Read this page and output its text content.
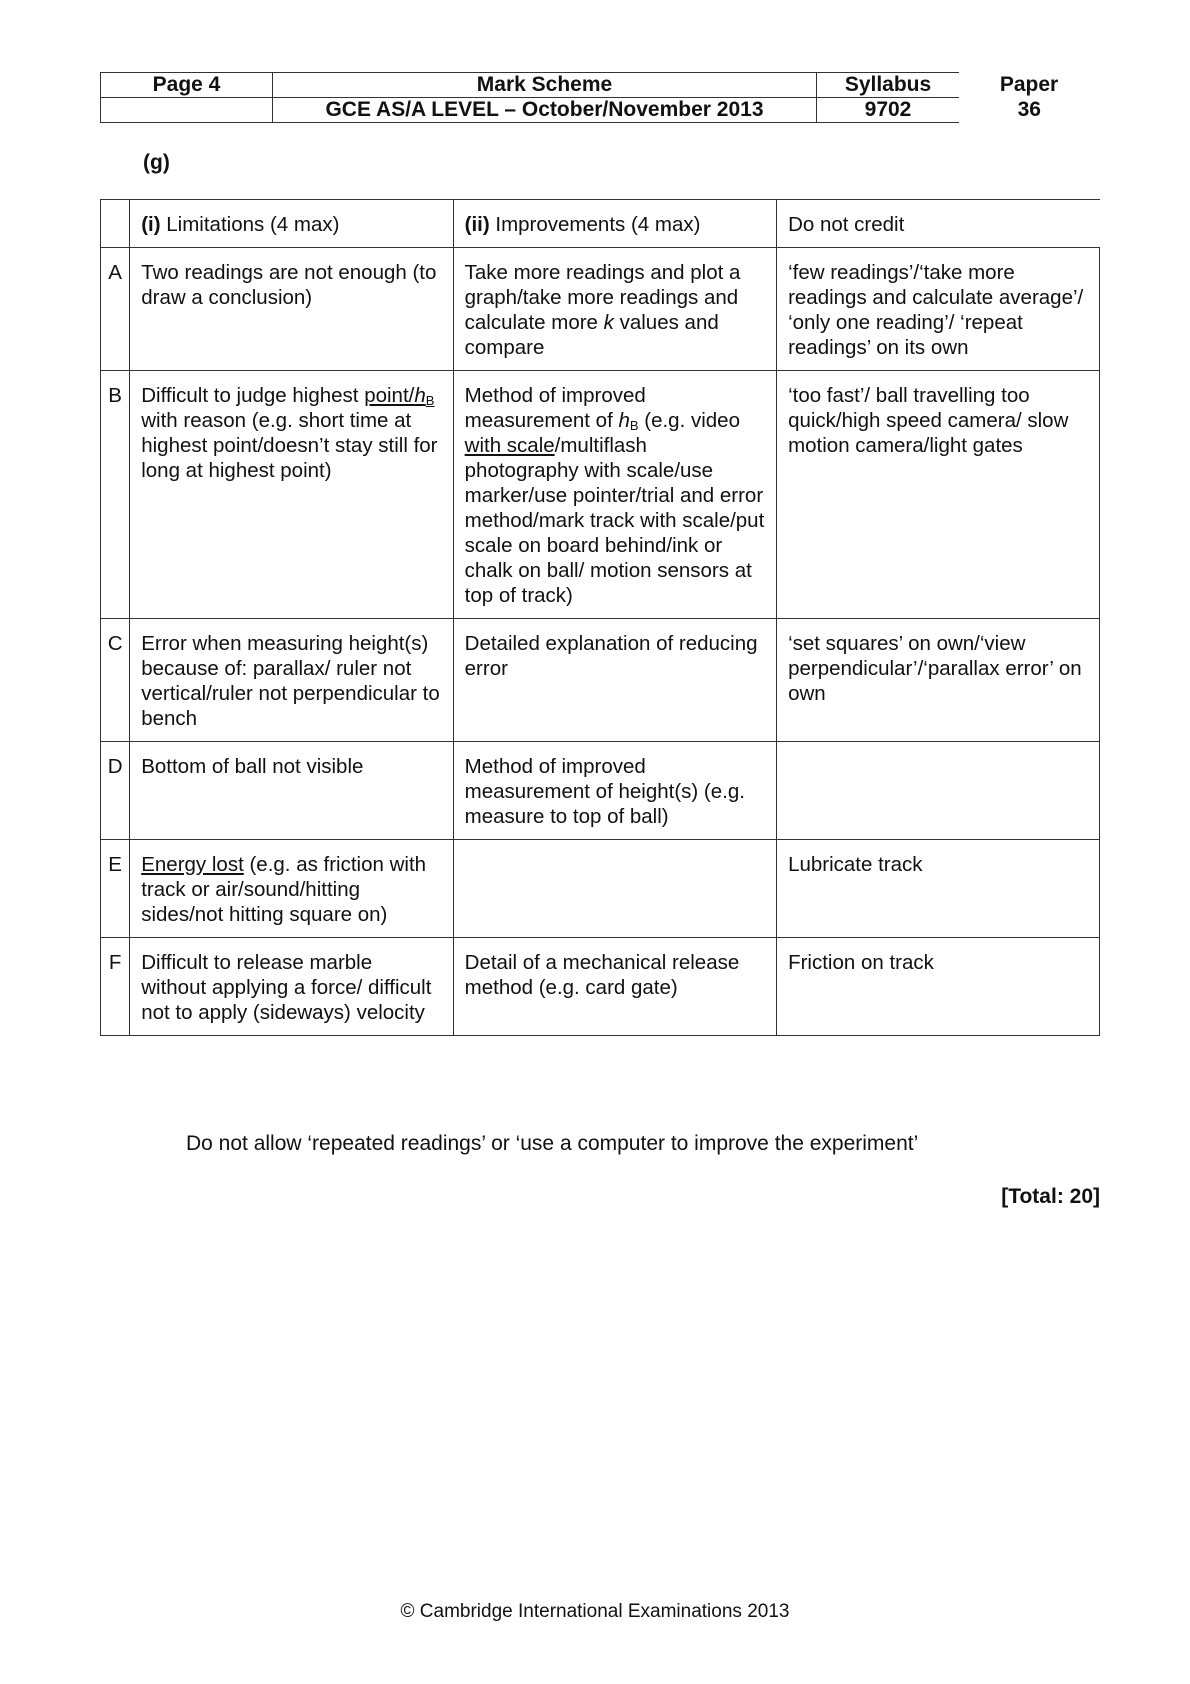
Page 4	Mark Scheme	Syllabus	Paper
	GCE AS/A LEVEL – October/November 2013	9702	36
(g)
	(i) Limitations (4 max)	(ii) Improvements (4 max)	Do not credit
A	Two readings are not enough (to draw a conclusion)	Take more readings and plot a graph/take more readings and calculate more k values and compare	‘few readings’/‘take more readings and calculate average’/ ‘only one reading’/ ‘repeat readings’ on its own
B	Difficult to judge highest point/$h_B$ with reason (e.g. short time at highest point/doesn’t stay still for long at highest point)	Method of improved measurement of $h_B$ (e.g. video with scale/multiflash photography with scale/use marker/use pointer/trial and error method/mark track with scale/put scale on board behind/ink or chalk on ball/ motion sensors at top of track)	‘too fast’/ ball travelling too quick/high speed camera/ slow motion camera/light gates
C	Error when measuring height(s) because of: parallax/ ruler not vertical/ruler not perpendicular to bench	Detailed explanation of reducing error	‘set squares’ on own/‘view perpendicular’/‘parallax error’ on own
D	Bottom of ball not visible	Method of improved measurement of height(s) (e.g. measure to top of ball)	
E	Energy lost (e.g. as friction with track or air/sound/hitting sides/not hitting square on)		Lubricate track
F	Difficult to release marble without applying a force/ difficult not to apply (sideways) velocity	Detail of a mechanical release method (e.g. card gate)	Friction on track
Do not allow ‘repeated readings’ or ‘use a computer to improve the experiment’
[Total: 20]
© Cambridge International Examinations 2013
